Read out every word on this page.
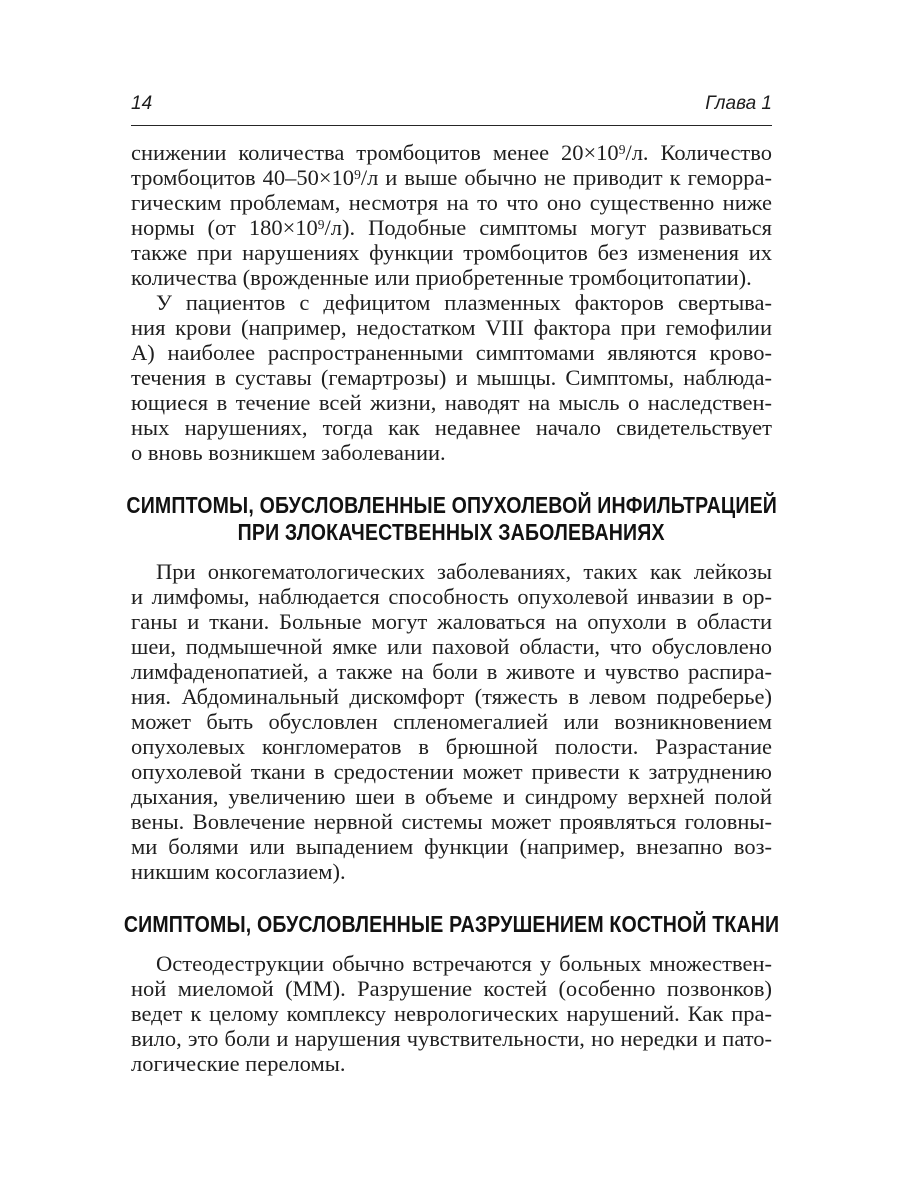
14	Глава 1
снижении количества тромбоцитов менее $20\times 10^9/л$. Количество
тромбоцитов $40-50\times 10^9/л$ и выше обычно не приводит к геморра-
гическим проблемам, несмотря на то что оно существенно ниже
нормы (от $180\times 10^9/л$). Подобные симптомы могут развиваться
также при нарушениях функции тромбоцитов без изменения их
количества (врожденные или приобретенные тромбоцитопатии).
У пациентов с дефицитом плазменных факторов свертыва-
ния крови (например, недостатком VIII фактора при гемофилии
А) наиболее распространенными симптомами являются крово-
течения в суставы (гемартрозы) и мышцы. Симптомы, наблюда-
ющиеся в течение всей жизни, наводят на мысль о наследствен-
ных нарушениях, тогда как недавнее начало свидетельствует
о вновь возникшем заболевании.
СИМПТОМЫ, ОБУСЛОВЛЕННЫЕ ОПУХОЛЕВОЙ ИНФИЛЬТРАЦИЕЙ
ПРИ ЗЛОКАЧЕСТВЕННЫХ ЗАБОЛЕВАНИЯХ
При онкогематологических заболеваниях, таких как лейкозы
и лимфомы, наблюдается способность опухолевой инвазии в ор-
ганы и ткани. Больные могут жаловаться на опухоли в области
шеи, подмышечной ямке или паховой области, что обусловлено
лимфаденопатией, а также на боли в животе и чувство распира-
ния. Абдоминальный дискомфорт (тяжесть в левом подреберье)
может быть обусловлен спленомегалией или возникновением
опухолевых конгломератов в брюшной полости. Разрастание
опухолевой ткани в средостении может привести к затруднению
дыхания, увеличению шеи в объеме и синдрому верхней полой
вены. Вовлечение нервной системы может проявляться головны-
ми болями или выпадением функции (например, внезапно воз-
никшим косоглазием).
СИМПТОМЫ, ОБУСЛОВЛЕННЫЕ РАЗРУШЕНИЕМ КОСТНОЙ ТКАНИ
Остеодеструкции обычно встречаются у больных множествен-
ной миеломой (ММ). Разрушение костей (особенно позвонков)
ведет к целому комплексу неврологических нарушений. Как пра-
вило, это боли и нарушения чувствительности, но нередки и пато-
логические переломы.
